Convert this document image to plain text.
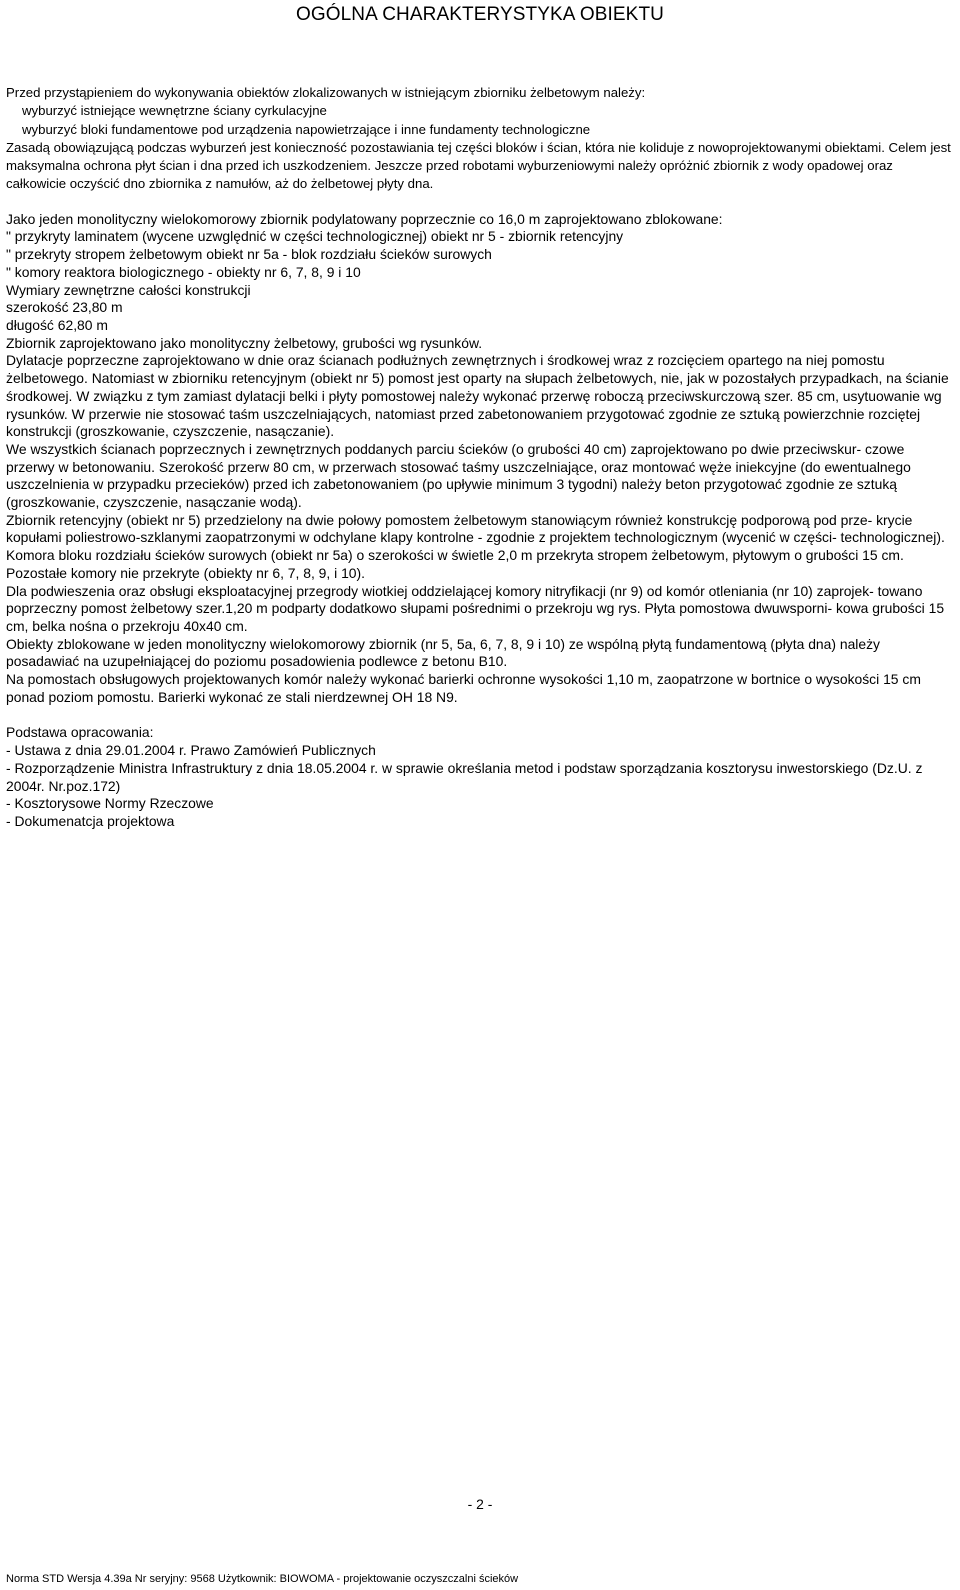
OGÓLNA CHARAKTERYSTYKA OBIEKTU

Przed przystąpieniem do wykonywania obiektów zlokalizowanych w istniejącym zbiorniku żelbetowym należy:

wyburzyć istniejące wewnętrzne ściany cyrkulacyjne

wyburzyć bloki fundamentowe pod urządzenia napowietrzające i inne fundamenty technologiczne

Zasadą obowiązującą podczas wyburzeń jest konieczność pozostawiania tej części bloków i ścian, która nie koliduje z nowoprojektowanymi obiektami. Celem jest maksymalna ochrona płyt ścian i dna przed ich uszkodzeniem. Jeszcze przed robotami wyburzeniowymi należy opróżnić zbiornik z wody opadowej oraz całkowicie oczyścić dno zbiornika z namułów, aż do żelbetowej płyty dna.

Jako jeden monolityczny wielokomorowy zbiornik podylatowany poprzecznie co 16,0 m zaprojektowano zblokowane:

" przykryty laminatem (wycene uzwględnić w części technologicznej) obiekt nr 5 - zbiornik retencyjny

" przekryty stropem żelbetowym obiekt nr 5a - blok rozdziału ścieków surowych

" komory reaktora biologicznego - obiekty nr 6, 7, 8, 9 i 10

Wymiary zewnętrzne całości konstrukcji

szerokość 23,80 m

długość 62,80 m

Zbiornik zaprojektowano jako monolityczny żelbetowy, grubości wg rysunków.

Dylatacje poprzeczne zaprojektowano w dnie oraz ścianach podłużnych zewnętrznych i środkowej wraz z rozcięciem opartego na niej pomostu żelbetowego. Natomiast w zbiorniku retencyjnym (obiekt nr 5) pomost jest oparty na słupach żelbetowych, nie, jak w pozostałych przypadkach, na ścianie środkowej. W związku z tym zamiast dylatacji belki i płyty pomostowej należy wykonać przerwę roboczą przeciwskurczową szer. 85 cm, usytuowanie wg rysunków. W przerwie nie stosować taśm uszczelniających, natomiast przed zabetonowaniem przygotować zgodnie ze sztuką powierzchnie rozciętej konstrukcji (groszkowanie, czyszczenie, nasączanie).

We wszystkich ścianach poprzecznych i zewnętrznych poddanych parciu ścieków (o grubości 40 cm) zaprojektowano po dwie przeciwskur- czowe przerwy w betonowaniu. Szerokość przerw 80 cm, w przerwach stosować taśmy uszczelniające, oraz montować węże iniekcyjne (do ewentualnego uszczelnienia w przypadku przecieków) przed ich zabetonowaniem (po upływie minimum 3 tygodni) należy beton przygotować zgodnie ze sztuką (groszkowanie, czyszczenie, nasączanie wodą).

Zbiornik retencyjny (obiekt nr 5) przedzielony na dwie połowy pomostem żelbetowym stanowiącym również konstrukcję podporową pod prze- krycie kopułami poliestrowo-szklanymi zaopatrzonymi w odchylane klapy kontrolne - zgodnie z projektem technologicznym (wycenić w części- technologicznej).

Komora bloku rozdziału ścieków surowych (obiekt nr 5a) o szerokości w świetle 2,0 m przekryta stropem żelbetowym, płytowym o grubości 15 cm. Pozostałe komory nie przekryte (obiekty nr 6, 7, 8, 9, i 10).

Dla podwieszenia oraz obsługi eksploatacyjnej przegrody wiotkiej oddzielającej komory nitryfikacji (nr 9) od komór otleniania (nr 10) zaprojek- towano poprzeczny pomost żelbetowy szer.1,20 m podparty dodatkowo słupami pośrednimi o przekroju wg rys. Płyta pomostowa dwuwsporni- kowa grubości 15 cm, belka nośna o przekroju 40x40 cm.

Obiekty zblokowane w jeden monolityczny wielokomorowy zbiornik (nr 5, 5a, 6, 7, 8, 9 i 10) ze wspólną płytą fundamentową (płyta dna) należy posadawiać na uzupełniającej do poziomu posadowienia podlewce z betonu B10.

Na pomostach obsługowych projektowanych komór należy wykonać barierki ochronne wysokości 1,10 m, zaopatrzone w bortnice o wysokości 15 cm ponad poziom pomostu. Barierki wykonać ze stali nierdzewnej OH 18 N9.

Podstawa opracowania:

- Ustawa z dnia 29.01.2004 r. Prawo Zamówień Publicznych

- Rozporządzenie Ministra Infrastruktury z dnia 18.05.2004 r. w sprawie określania metod i podstaw sporządzania kosztorysu inwestorskiego (Dz.U. z 2004r. Nr.poz.172)

- Kosztorysowe Normy Rzeczowe

- Dokumenatcja projektowa

- 2 -
Norma STD Wersja 4.39a Nr seryjny: 9568 Użytkownik: BIOWOMA - projektowanie oczyszczalni ścieków
